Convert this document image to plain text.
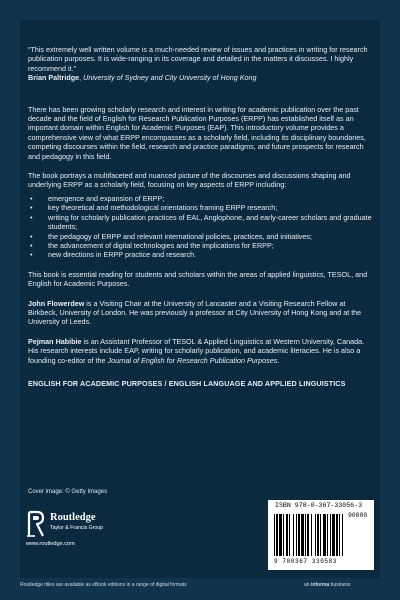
“This extremely well written volume is a much-needed review of issues and practices in writing for research publication purposes. It is wide-ranging in its coverage and detailed in the matters it discusses. I highly recommend it.”

Brian Paltridge, University of Sydney and City University of Hong Kong

There has been growing scholarly research and interest in writing for academic publication over the past decade and the field of English for Research Publication Purposes (ERPP) has established itself as an important domain within English for Academic Purposes (EAP). This introductory volume provides a comprehensive view of what ERPP encompasses as a scholarly field, including its disciplinary boundaries, competing discourses within the field, research and practice paradigms, and future prospects for research and pedagogy in this field.

The book portrays a multifaceted and nuanced picture of the discourses and discussions shaping and underlying ERPP as a scholarly field, focusing on key aspects of ERPP including:

• emergence and expansion of ERPP;
• key theoretical and methodological orientations framing ERPP research;
• writing for scholarly publication practices of EAL, Anglophone, and early-career scholars and graduate students;
• the pedagogy of ERPP and relevant international policies, practices, and initiatives;
• the advancement of digital technologies and the implications for ERPP;
• new directions in ERPP practice and research.

This book is essential reading for students and scholars within the areas of applied linguistics, TESOL, and English for Academic Purposes.

John Flowerdew is a Visiting Chair at the University of Lancaster and a Visiting Research Fellow at Birkbeck, University of London. He was previously a professor at City University of Hong Kong and at the University of Leeds.

Pejman Habibie is an Assistant Professor of TESOL & Applied Linguistics at Western University, Canada. His research interests include EAP, writing for scholarly publication, and academic literacies. He is also a founding co-editor of the Journal of English for Research Publication Purposes.

ENGLISH FOR ACADEMIC PURPOSES / ENGLISH LANGUAGE AND APPLIED LINGUISTICS

Cover image: © Getty Images
Routledge
Taylor & Francis Group
www.routledge.com
ISBN 978-0-367-33056-3
90000
9 780367 330583
Routledge titles are available as eBook editions in a range of digital formats	an informa business
